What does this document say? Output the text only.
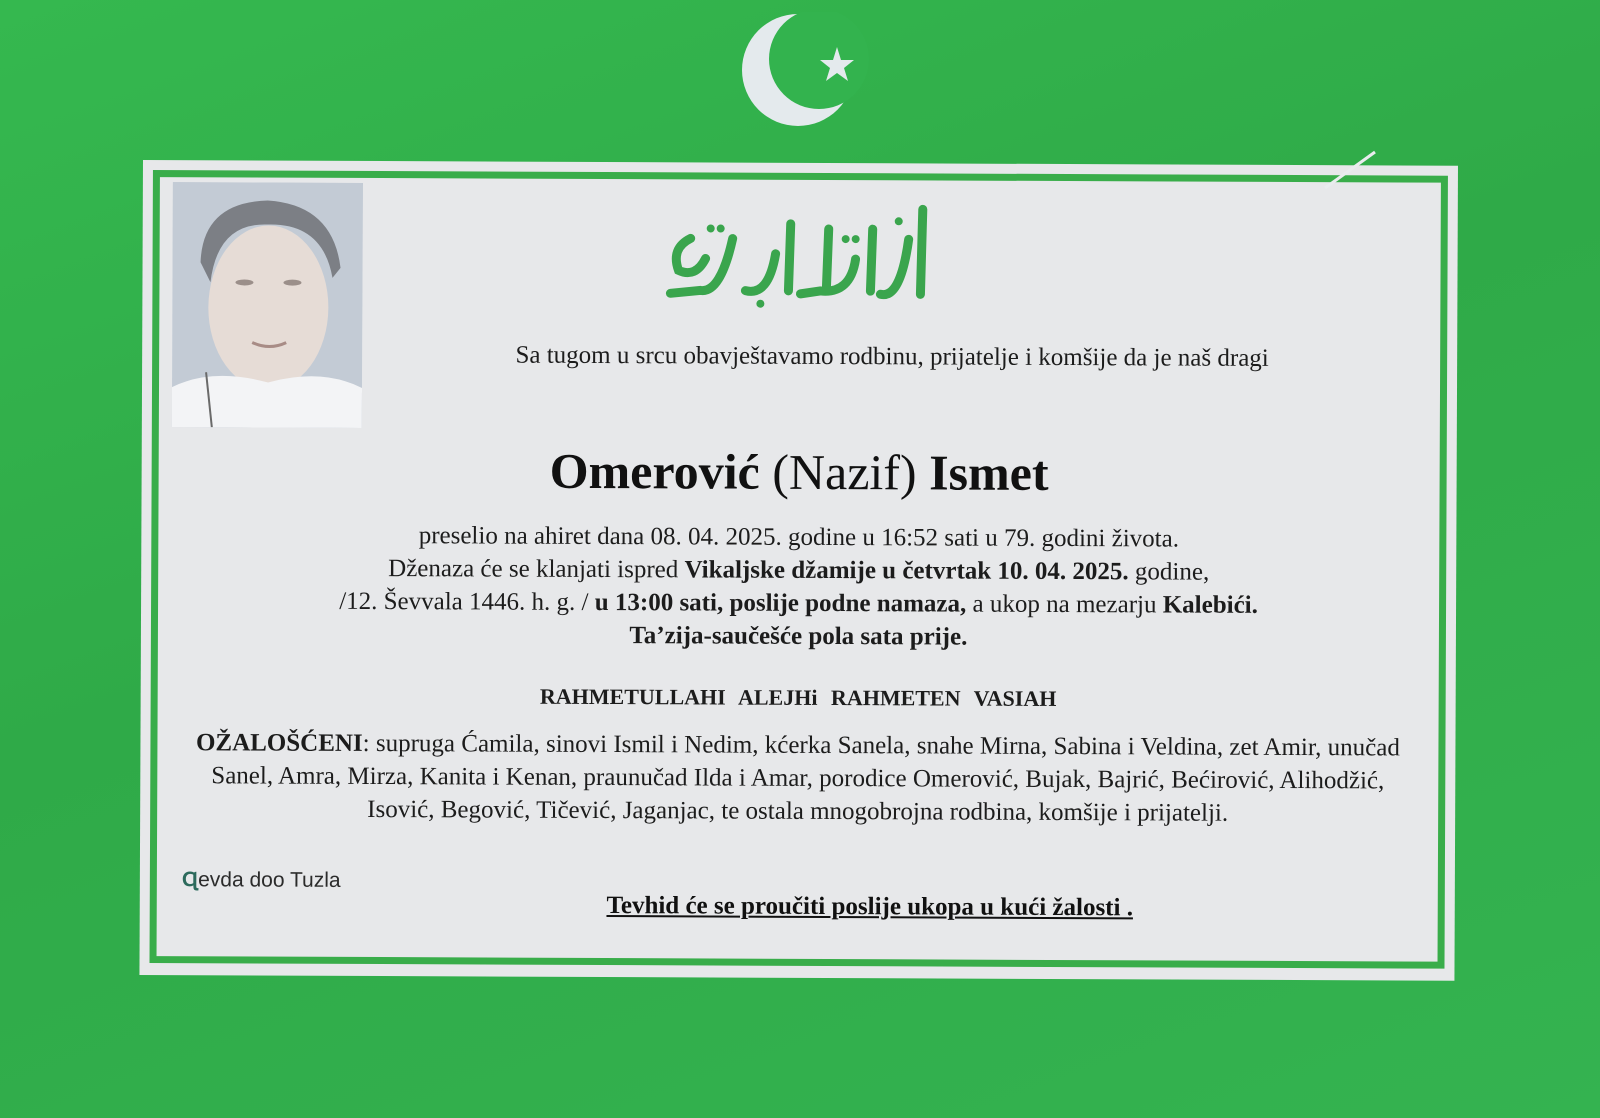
Sa tugom u srcu obavještavamo rodbinu, prijatelje i komšije da je naš dragi
Omerović (Nazif) Ismet
preselio na ahiret dana 08. 04. 2025. godine u 16:52 sati u 79. godini života.
Dženaza će se klanjati ispred Vikaljske džamije u četvrtak 10. 04. 2025. godine,
/12. Ševvala 1446. h. g. / u 13:00 sati, poslije podne namaza, a ukop na mezarju Kalebići.
Ta’zija-saučešće pola sata prije.
RAHMETULLAHI ALEJHi RAHMETEN VASIAH
OŽALOŠĆENI: supruga Ćamila, sinovi Ismil i Nedim, kćerka Sanela, snahe Mirna, Sabina i Veldina, zet Amir, unučad Sanel, Amra, Mirza, Kanita i Kenan, praunučad Ilda i Amar, porodice Omerović, Bujak, Bajrić, Bećirović, Alihodžić, Isović, Begović, Tičević, Jaganjac, te ostala mnogobrojna rodbina, komšije i prijatelji.
Ɋevda doo Tuzla
Tevhid će se proučiti poslije ukopa u kući žalosti .
